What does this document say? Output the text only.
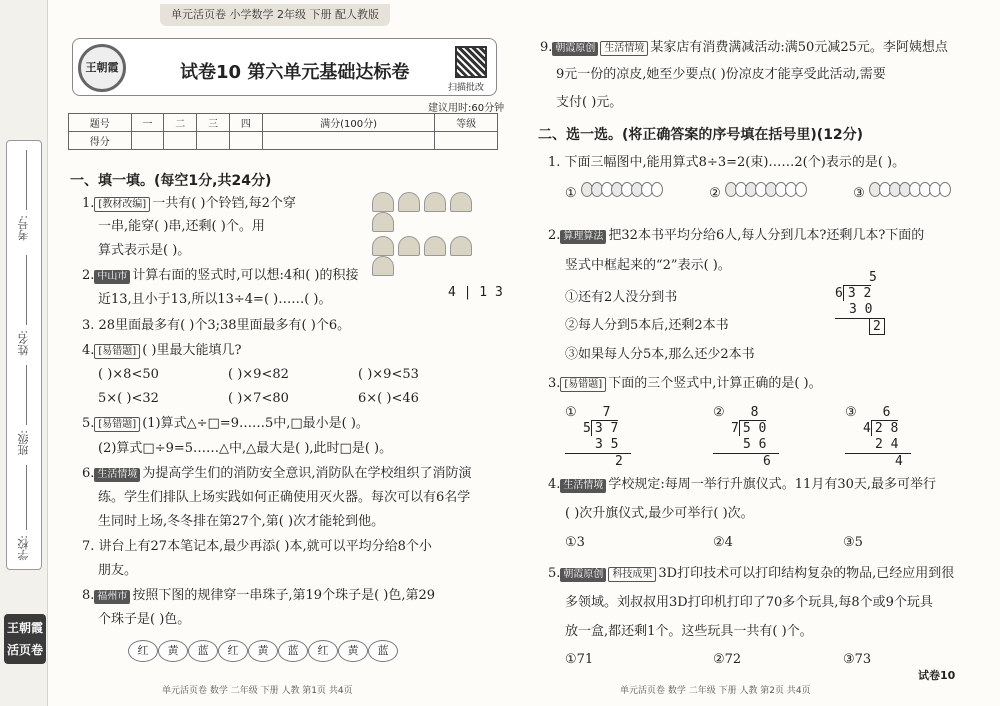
考号:
姓名:
班级:
学校:
王朝霞
活页卷
单元活页卷 小学数学 2年级 下册 配人教版
王朝霞	试卷10 第六单元基础达标卷
扫描批改
建议用时:60分钟
题号	一	二	三	四	满分(100分)	等级
得分						
一、填一填。(每空1分,共24分)
1. [教材改编] 一共有( )个铃铛,每2个穿
一串,能穿( )串,还剩( )个。用
算式表示是( )。

2. 中山市 计算右面的竖式时,可以想:4和( )的积接
近13,且小于13,所以13÷4=( )……( )。	4 | 1 3
3. 28里面最多有( )个3;38里面最多有( )个6。
4. [易错题] ( )里最大能填几?
( )×8<50	( )×9<82	( )×9<53
5×( )<32	( )×7<80	6×( )<46
5. [易错题] (1)算式△÷□=9……5中,□最小是( )。
(2)算式□÷9=5……△中,△最大是( ),此时□是( )。
6. 生活情境 为提高学生们的消防安全意识,消防队在学校组织了消防演
练。学生们排队上场实践如何正确使用灭火器。每次可以有6名学
生同时上场,冬冬排在第27个,第( )次才能轮到他。
7. 讲台上有27本笔记本,最少再添( )本,就可以平均分给8个小
朋友。
8. 福州市 按照下图的规律穿一串珠子,第19个珠子是( )色,第29
个珠子是( )色。
红 黄 蓝 红 黄 蓝 红 黄 蓝
单元活页卷 数学 二年级 下册 人教 第1页 共4页
9. 朝霞原创 生活情境 某家店有消费满减活动:满50元减25元。李阿姨想点
9元一份的凉皮,她至少要点( )份凉皮才能享受此活动,需要
支付( )元。
二、选一选。(将正确答案的序号填在括号里)(12分)
1. 下面三幅图中,能用算式8÷3=2(束)……2(个)表示的是( )。
①	②	③
2. 算理算法 把32本书平均分给6人,每人分到几本?还剩几本?下面的
竖式中框起来的“2”表示( )。
①还有2人没分到书
②每人分到5本后,还剩2本书
③如果每人分5本,那么还少2本书
5
6 3 2
3 0
2
3. [易错题] 下面的三个竖式中,计算正确的是( )。
① 7
5 3 7
3 5
2
② 8
7 5 0
5 6
6
③ 6
4 2 8
2 4
4
4. 生活情境 学校规定:每周一举行升旗仪式。11月有30天,最多可举行
( )次升旗仪式,最少可举行( )次。
①3	②4	③5
5. 朝霞原创 科技成果 3D打印技术可以打印结构复杂的物品,已经应用到很
多领域。刘叔叔用3D打印机打印了70多个玩具,每8个或9个玩具
放一盒,都还剩1个。这些玩具一共有( )个。
①71	②72	③73
单元活页卷 数学 二年级 下册 人教 第2页 共4页
试卷10
